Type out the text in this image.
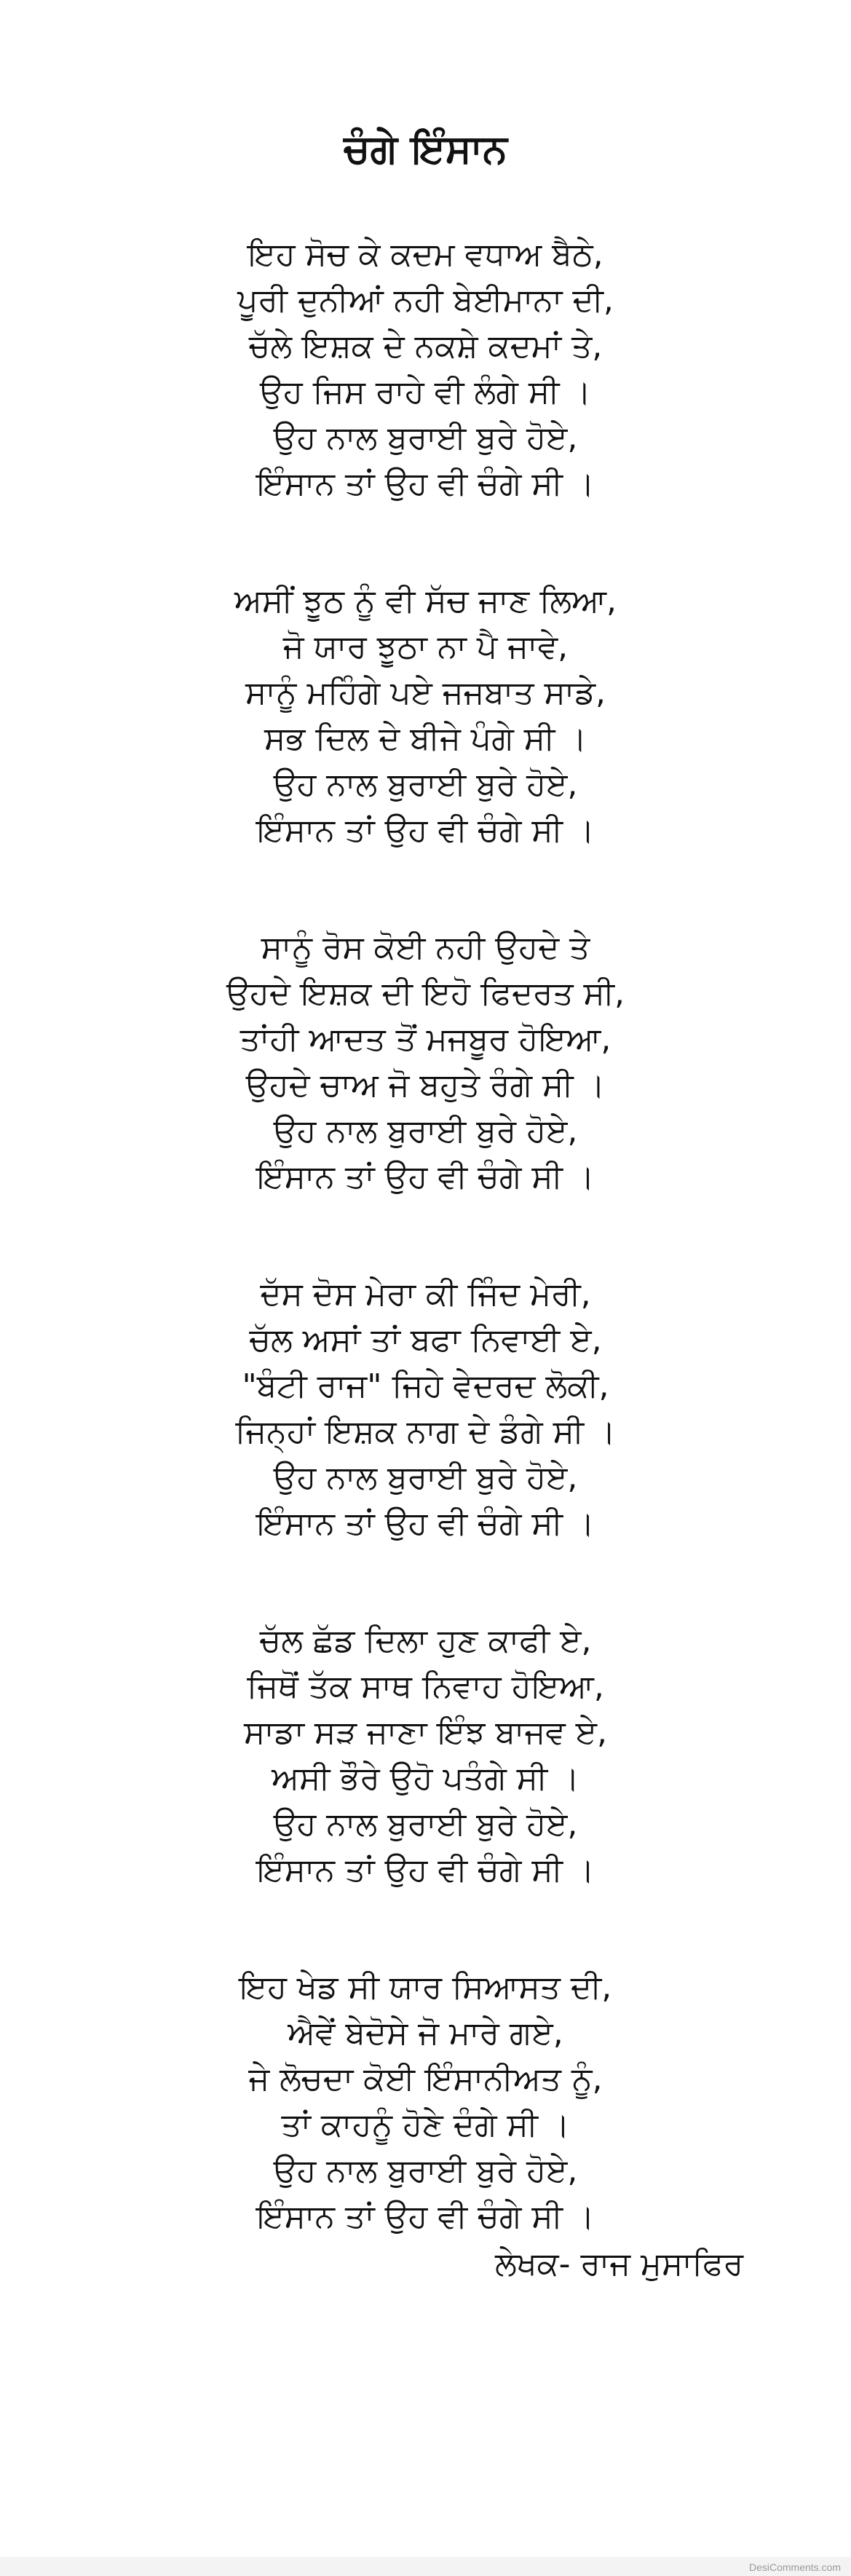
ਚੰਗੇ ਇੰਸਾਨ
ਇਹ ਸੋਚ ਕੇ ਕਦਮ ਵਧਾਅ ਬੈਠੇ,
ਪੂਰੀ ਦੁਨੀਆਂ ਨਹੀ ਬੇਈਮਾਨਾ ਦੀ,
ਚੱਲੇ ਇਸ਼ਕ ਦੇ ਨਕਸ਼ੇ ਕਦਮਾਂ ਤੇ,
ਉਹ ਜਿਸ ਰਾਹੇ ਵੀ ਲੰਗੇ ਸੀ ।
ਉਹ ਨਾਲ ਬੁਰਾਈ ਬੁਰੇ ਹੋਏ,
ਇੰਸਾਨ ਤਾਂ ਉਹ ਵੀ ਚੰਗੇ ਸੀ ।
ਅਸੀਂ ਝੂਠ ਨੂੰ ਵੀ ਸੱਚ ਜਾਣ ਲਿਆ,
ਜੋ ਯਾਰ ਝੂਠਾ ਨਾ ਪੈ ਜਾਵੇ,
ਸਾਨੂੰ ਮਹਿੰਗੇ ਪਏ ਜਜਬਾਤ ਸਾਡੇ,
ਸਭ ਦਿਲ ਦੇ ਬੀਜੇ ਪੰਗੇ ਸੀ ।
ਉਹ ਨਾਲ ਬੁਰਾਈ ਬੁਰੇ ਹੋਏ,
ਇੰਸਾਨ ਤਾਂ ਉਹ ਵੀ ਚੰਗੇ ਸੀ ।
ਸਾਨੂੰ ਰੋਸ ਕੋਈ ਨਹੀ ਉਹਦੇ ਤੇ
ਉਹਦੇ ਇਸ਼ਕ ਦੀ ਇਹੋ ਫਿਦਰਤ ਸੀ,
ਤਾਂਹੀ ਆਦਤ ਤੋਂ ਮਜਬੂਰ ਹੋਇਆ,
ਉਹਦੇ ਚਾਅ ਜੋ ਬਹੁਤੇ ਰੰਗੇ ਸੀ ।
ਉਹ ਨਾਲ ਬੁਰਾਈ ਬੁਰੇ ਹੋਏ,
ਇੰਸਾਨ ਤਾਂ ਉਹ ਵੀ ਚੰਗੇ ਸੀ ।
ਦੱਸ ਦੋਸ ਮੇਰਾ ਕੀ ਜਿੰਦ ਮੇਰੀ,
ਚੱਲ ਅਸਾਂ ਤਾਂ ਬਫਾ ਨਿਵਾਈ ਏ,
"ਬੰਟੀ ਰਾਜ" ਜਿਹੇ ਵੇਦਰਦ ਲੋਕੀ,
ਜਿਨ੍ਹਾਂ ਇਸ਼ਕ ਨਾਗ ਦੇ ਡੰਗੇ ਸੀ ।
ਉਹ ਨਾਲ ਬੁਰਾਈ ਬੁਰੇ ਹੋਏ,
ਇੰਸਾਨ ਤਾਂ ਉਹ ਵੀ ਚੰਗੇ ਸੀ ।
ਚੱਲ ਛੱਡ ਦਿਲਾ ਹੁਣ ਕਾਫੀ ਏ,
ਜਿਥੋਂ ਤੱਕ ਸਾਥ ਨਿਵਾਹ ਹੋਇਆ,
ਸਾਡਾ ਸੜ ਜਾਣਾ ਇੰਝ ਬਾਜਵ ਏ,
ਅਸੀ ਭੌਰੇ ਉਹੋ ਪਤੰਗੇ ਸੀ ।
ਉਹ ਨਾਲ ਬੁਰਾਈ ਬੁਰੇ ਹੋਏ,
ਇੰਸਾਨ ਤਾਂ ਉਹ ਵੀ ਚੰਗੇ ਸੀ ।
ਇਹ ਖੇਡ ਸੀ ਯਾਰ ਸਿਆਸਤ ਦੀ,
ਐਵੇਂ ਬੇਦੋਸੇ ਜੋ ਮਾਰੇ ਗਏ,
ਜੇ ਲੋਚਦਾ ਕੋਈ ਇੰਸਾਨੀਅਤ ਨੂੰ,
ਤਾਂ ਕਾਹਨੂੰ ਹੋਣੇ ਦੰਗੇ ਸੀ ।
ਉਹ ਨਾਲ ਬੁਰਾਈ ਬੁਰੇ ਹੋਏ,
ਇੰਸਾਨ ਤਾਂ ਉਹ ਵੀ ਚੰਗੇ ਸੀ ।
ਲੇਖਕ- ਰਾਜ ਮੁਸਾਫਿਰ
DesiComments.com
